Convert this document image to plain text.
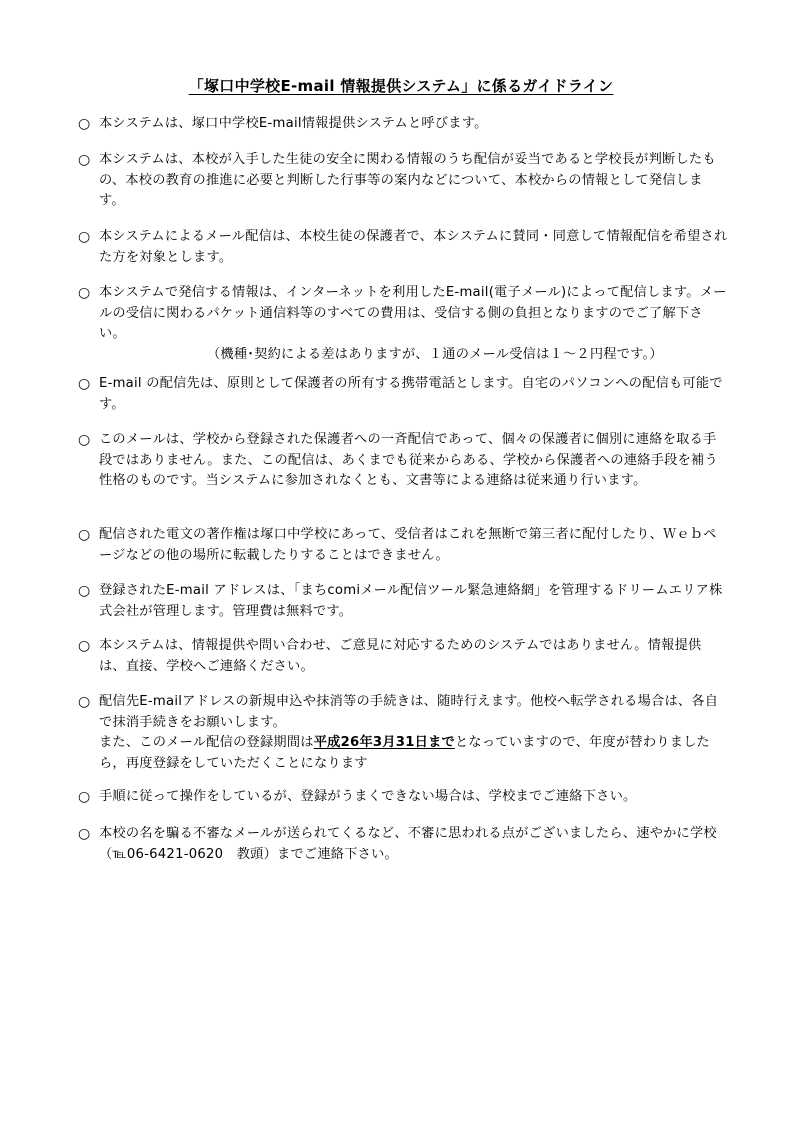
「塚口中学校E-mail 情報提供システム」に係るガイドライン
○ 本システムは、塚口中学校E-mail情報提供システムと呼びます。
○ 本システムは、本校が入手した生徒の安全に関わる情報のうち配信が妥当であると学校長が判断したもの、本校の教育の推進に必要と判断した行事等の案内などについて、本校からの情報として発信します。
○ 本システムによるメール配信は、本校生徒の保護者で、本システムに賛同・同意して情報配信を希望された方を対象とします。
○ 本システムで発信する情報は、インターネットを利用したE-mail(電子メール)によって配信します。メールの受信に関わるパケット通信料等のすべての費用は、受信する側の負担となりますのでご了解下さい。
（機種･契約による差はありますが、１通のメール受信は１～２円程です。）
○ E-mail の配信先は、原則として保護者の所有する携帯電話とします。自宅のパソコンへの配信も可能です。
○ このメールは、学校から登録された保護者への一斉配信であって、個々の保護者に個別に連絡を取る手段ではありません。また、この配信は、あくまでも従来からある、学校から保護者への連絡手段を補う性格のものです。当システムに参加されなくとも、文書等による連絡は従来通り行います。
○ 配信された電文の著作権は塚口中学校にあって、受信者はこれを無断で第三者に配付したり、Ｗｅｂページなどの他の場所に転載したりすることはできません。
○ 登録されたE-mail アドレスは、「まちcomiメール配信ツール緊急連絡網」を管理するドリームエリア株式会社が管理します。管理費は無料です。
○ 本システムは、情報提供や問い合わせ、ご意見に対応するためのシステムではありません。情報提供は、直接、学校へご連絡ください。
○ 配信先E-mailアドレスの新規申込や抹消等の手続きは、随時行えます。他校へ転学される場合は、各自で抹消手続きをお願いします。
また、このメール配信の登録期間は平成26年3月31日までとなっていますので、年度が替わりましたら，再度登録をしていただくことになります
○ 手順に従って操作をしているが、登録がうまくできない場合は、学校までご連絡下さい。
○ 本校の名を騙る不審なメールが送られてくるなど、不審に思われる点がございましたら、速やかに学校（℡06-6421-0620　教頭）までご連絡下さい。
